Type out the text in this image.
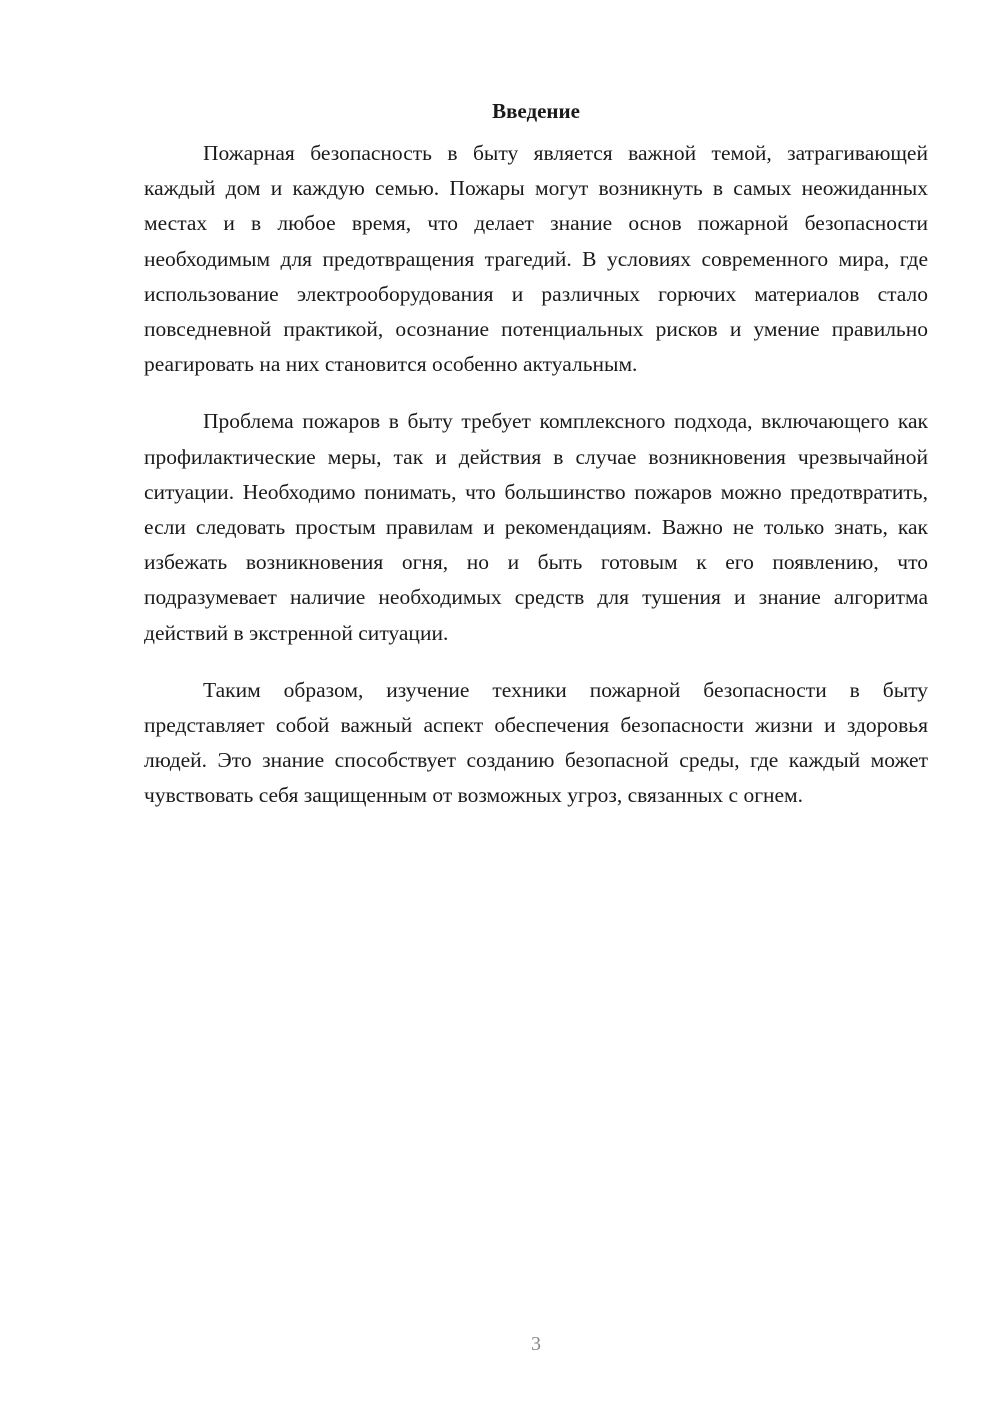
Введение

Пожарная безопасность в быту является важной темой, затрагивающей каждый дом и каждую семью. Пожары могут возникнуть в самых неожиданных местах и в любое время, что делает знание основ пожарной безопасности необходимым для предотвращения трагедий. В условиях современного мира, где использование электрооборудования и различных горючих материалов стало повседневной практикой, осознание потенциальных рисков и умение правильно реагировать на них становится особенно актуальным.

Проблема пожаров в быту требует комплексного подхода, включающего как профилактические меры, так и действия в случае возникновения чрезвычайной ситуации. Необходимо понимать, что большинство пожаров можно предотвратить, если следовать простым правилам и рекомендациям. Важно не только знать, как избежать возникновения огня, но и быть готовым к его появлению, что подразумевает наличие необходимых средств для тушения и знание алгоритма действий в экстренной ситуации.

Таким образом, изучение техники пожарной безопасности в быту представляет собой важный аспект обеспечения безопасности жизни и здоровья людей. Это знание способствует созданию безопасной среды, где каждый может чувствовать себя защищенным от возможных угроз, связанных с огнем.

3
